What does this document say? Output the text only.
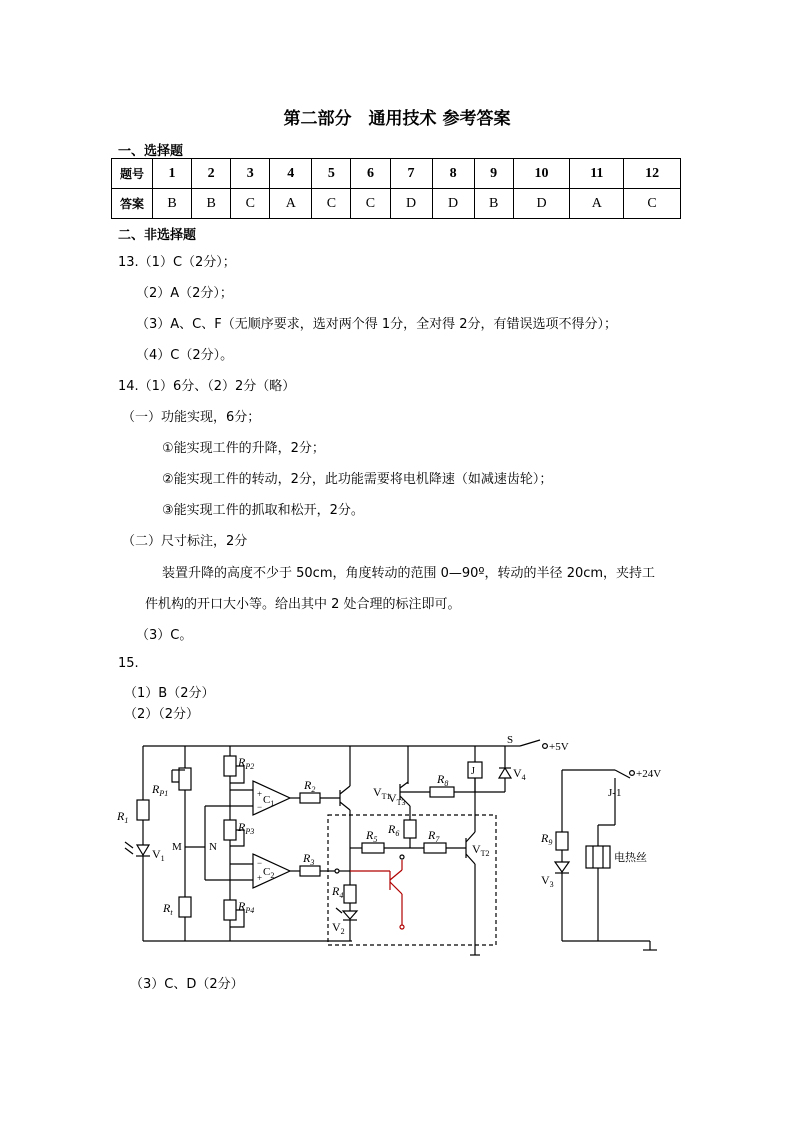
第二部分　通用技术 参考答案
一、选择题
题号	1	2	3	4	5	6	7	8	9	10	11	12
答案	B	B	C	A	C	C	D	D	B	D	A	C
二、非选择题
13.（1）C（2分）；
（2）A（2分）；
（3）A、C、F（无顺序要求，选对两个得 1分，全对得 2分，有错误选项不得分）；
（4）C（2分）。
14.（1）6分、（2）2分（略）
（一）功能实现，6分；
①能实现工件的升降，2分；
②能实现工件的转动，2分，此功能需要将电机降速（如减速齿轮）；
③能实现工件的抓取和松开，2分。
（二）尺寸标注，2分
装置升降的高度不少于 50cm，角度转动的范围 0—90º，转动的半径 20cm，夹持工
件机构的开口大小等。给出其中 2 处合理的标注即可。
（3）C。
15.
（1）B（2分）
（2）（2分）
（3）C、D（2分）
$R_{P1}$
$R_1$
$V_1$
M
$R_t$
N
$R_{P2}$
$R_{P3}$
$R_{P4}$
+
−
$C_1$
−
+ $C_2$
$R_2$
$R_3$
$R_4$
$V_2$
$V_{T1}$
$V_{T3}$
$R_5$
$R_6$ $R_7$
$R_8$
$V_{T2}$
J	$V_4$
S
+5V
+24V
J-1
$R_9$
$V_3$
电热丝
